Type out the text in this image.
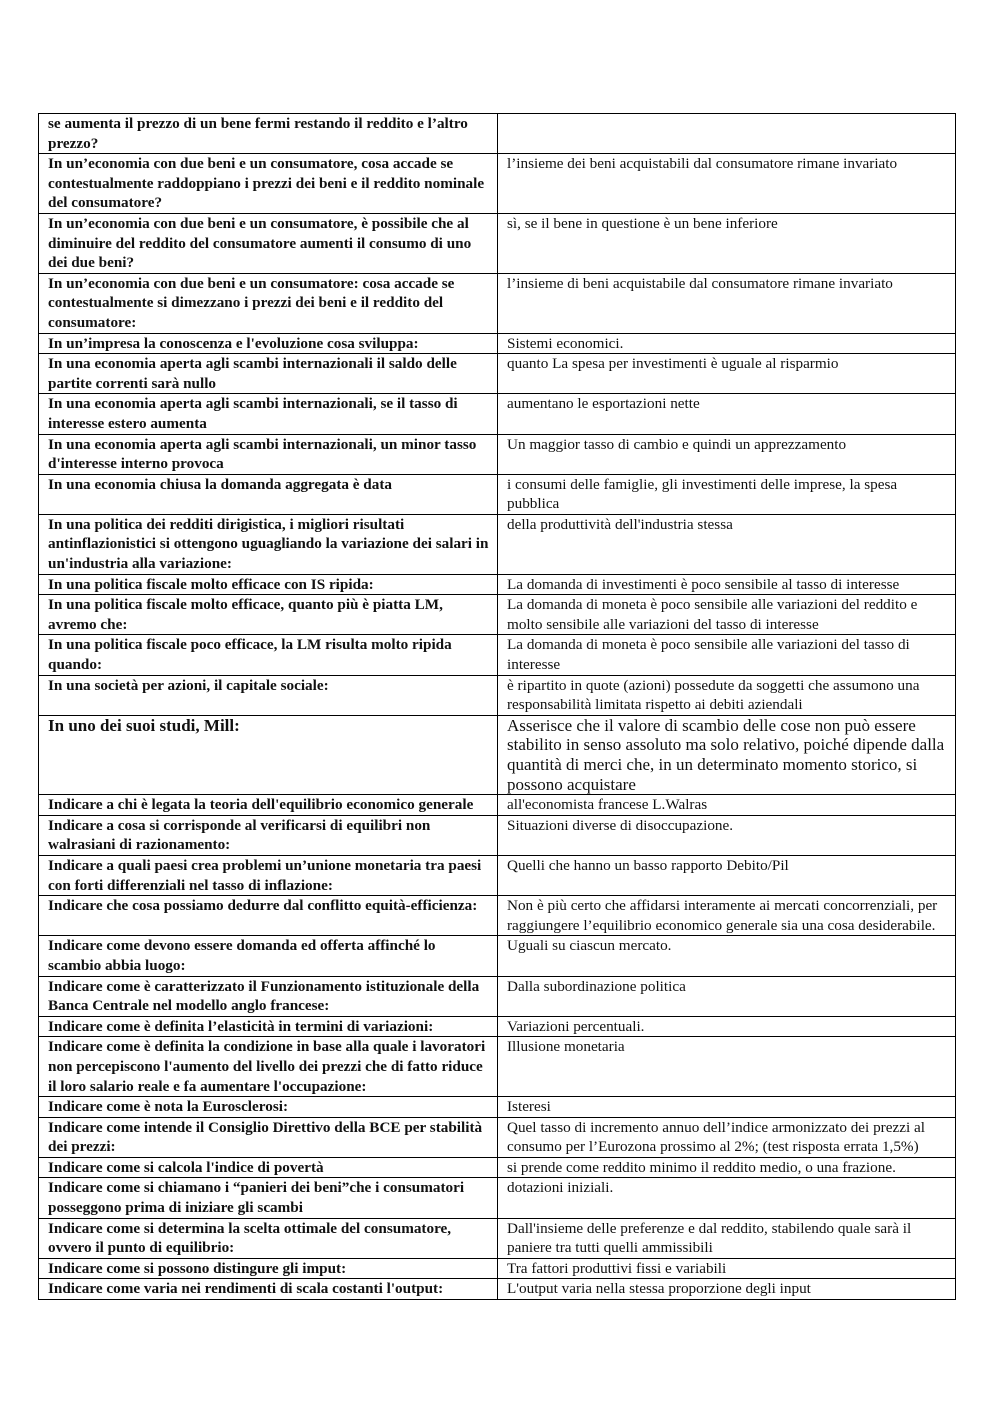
se aumenta il prezzo di un bene fermi restando il reddito e l’altro prezzo?	
In un’economia con due beni e un consumatore, cosa accade se contestualmente raddoppiano i prezzi dei beni e il reddito nominale del consumatore?	l’insieme dei beni acquistabili dal consumatore rimane invariato
In un’economia con due beni e un consumatore, è possibile che al diminuire del reddito del consumatore aumenti il consumo di uno dei due beni?	sì, se il bene in questione è un bene inferiore
In un’economia con due beni e un consumatore: cosa accade se contestualmente si dimezzano i prezzi dei beni e il reddito del consumatore:	l’insieme di beni acquistabile dal consumatore rimane invariato
In un’impresa la conoscenza e l'evoluzione cosa sviluppa:	Sistemi economici.
In una economia aperta agli scambi internazionali il saldo delle partite correnti sarà nullo	quanto La spesa per investimenti è uguale al risparmio
In una economia aperta agli scambi internazionali, se il tasso di interesse estero aumenta	aumentano le esportazioni nette
In una economia aperta agli scambi internazionali, un minor tasso d'interesse interno provoca	Un maggior tasso di cambio e quindi un apprezzamento
In una economia chiusa la domanda aggregata è data	i consumi delle famiglie, gli investimenti delle imprese, la spesa pubblica
In una politica dei redditi dirigistica, i migliori risultati antinflazionistici si ottengono uguagliando la variazione dei salari in un'industria alla variazione:	della produttività dell'industria stessa
In una politica fiscale molto efficace con IS ripida:	La domanda di investimenti è poco sensibile al tasso di interesse
In una politica fiscale molto efficace, quanto più è piatta LM, avremo che:	La domanda di moneta è poco sensibile alle variazioni del reddito e molto sensibile alle variazioni del tasso di interesse
In una politica fiscale poco efficace, la LM risulta molto ripida quando:	La domanda di moneta è poco sensibile alle variazioni del tasso di interesse
In una società per azioni, il capitale sociale:	è ripartito in quote (azioni) possedute da soggetti che assumono una responsabilità limitata rispetto ai debiti aziendali
In uno dei suoi studi, Mill:	Asserisce che il valore di scambio delle cose non può essere stabilito in senso assoluto ma solo relativo, poiché dipende dalla quantità di merci che, in un determinato momento storico, si possono acquistare
Indicare a chi è legata la teoria dell'equilibrio economico generale	all'economista francese L.Walras
Indicare a cosa si corrisponde al verificarsi di equilibri non walrasiani di razionamento:	Situazioni diverse di disoccupazione.
Indicare a quali paesi crea problemi un’unione monetaria tra paesi con forti differenziali nel tasso di inflazione:	Quelli che hanno un basso rapporto Debito/Pil
Indicare che cosa possiamo dedurre dal conflitto equità-efficienza:	Non è più certo che affidarsi interamente ai mercati concorrenziali, per raggiungere l’equilibrio economico generale sia una cosa desiderabile.
Indicare come devono essere domanda ed offerta affinché lo scambio abbia luogo:	Uguali su ciascun mercato.
Indicare come è caratterizzato il Funzionamento istituzionale della Banca Centrale nel modello anglo francese:	Dalla subordinazione politica
Indicare come è definita l’elasticità in termini di variazioni:	Variazioni percentuali.
Indicare come è definita la condizione in base alla quale i lavoratori non percepiscono l'aumento del livello dei prezzi che di fatto riduce il loro salario reale e fa aumentare l'occupazione:	Illusione monetaria
Indicare come è nota la Eurosclerosi:	Isteresi
Indicare come intende il Consiglio Direttivo della BCE per stabilità dei prezzi:	Quel tasso di incremento annuo dell’indice armonizzato dei prezzi al consumo per l’Eurozona prossimo al 2%; (test risposta errata 1,5%)
Indicare come si calcola l'indice di povertà	si prende come reddito minimo il reddito medio, o una frazione.
Indicare come si chiamano i “panieri dei beni”che i consumatori posseggono prima di iniziare gli scambi	dotazioni iniziali.
Indicare come si determina la scelta ottimale del consumatore, ovvero il punto di equilibrio:	Dall'insieme delle preferenze e dal reddito, stabilendo quale sarà il paniere tra tutti quelli ammissibili
Indicare come si possono distingure gli imput:	Tra fattori produttivi fissi e variabili
Indicare come varia nei rendimenti di scala costanti l'output:	L'output varia nella stessa proporzione degli input
